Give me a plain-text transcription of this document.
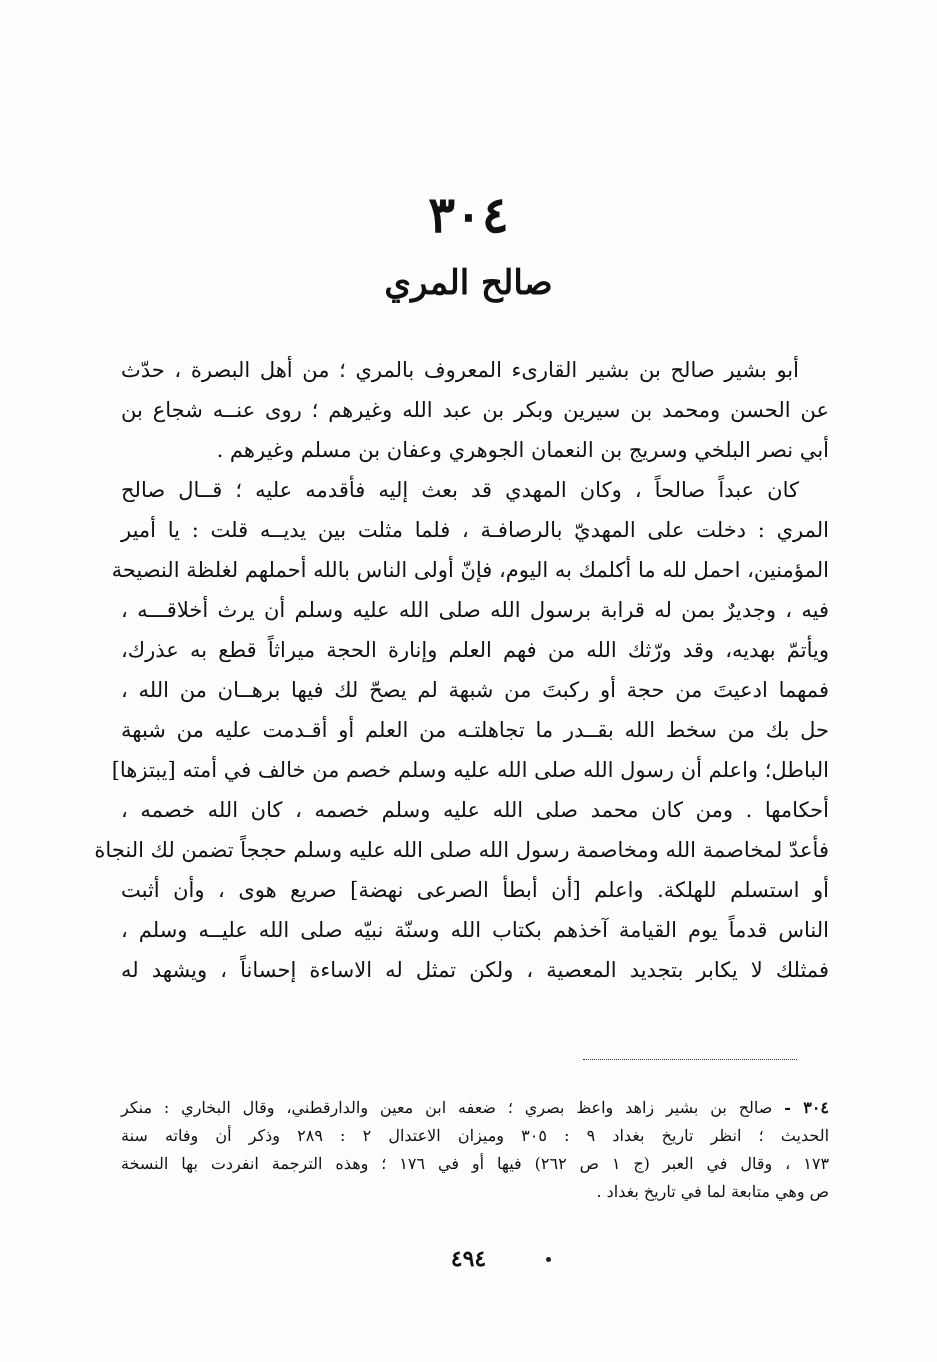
٣٠٤
صالح المري
أبو بشير صالح بن بشير القارىء المعروف بالمري ؛ من أهل البصرة ، حدّث
عن الحسن ومحمد بن سيرين وبكر بن عبد الله وغيرهم ؛ روى عنــه شجاع بن
أبي نصر البلخي وسريج بن النعمان الجوهري وعفان بن مسلم وغيرهم .
كان عبداً صالحاً ، وكان المهدي قد بعث إليه فأقدمه عليه ؛ قــال صالح
المري : دخلت على المهديّ بالرصافـة ، فلما مثلت بين يديــه قلت : يا أمير
المؤمنين، احمل لله ما أكلمك به اليوم، فإنّ أولى الناس بالله أحملهم لغلظة النصيحة
فيه ، وجديرٌ بمن له قرابة برسول الله صلى الله عليه وسلم أن يرث أخلاقـــه ،
ويأتمّ بهديه، وقد ورّثك الله من فهم العلم وإنارة الحجة ميراثاً قطع به عذرك،
فمهما ادعيتَ من حجة أو ركبتَ من شبهة لم يصحّ لك فيها برهــان من الله ،
حل بك من سخط الله بقــدر ما تجاهلتـه من العلم أو أقـدمت عليه من شبهة
الباطل؛ واعلم أن رسول الله صلى الله عليه وسلم خصم من خالف في أمته [يبتزها]
أحكامها . ومن كان محمد صلى الله عليه وسلم خصمه ، كان الله خصمه ،
فأعدّ لمخاصمة الله ومخاصمة رسول الله صلى الله عليه وسلم حججاً تضمن لك النجاة
أو استسلم للهلكة. واعلم [أن أبطأ الصرعى نهضة] صريع هوى ، وأن أثبت
الناس قدماً يوم القيامة آخذهم بكتاب الله وسنّة نبيّه صلى الله عليــه وسلم ،
فمثلك لا يكابر بتجديد المعصية ، ولكن تمثل له الاساءة إحساناً ، ويشهد له
٣٠٤ - صالح بن بشير زاهد واعظ بصري ؛ ضعفه ابن معين والدارقطني، وقال البخاري : منكر
الحديث ؛ انظر تاريخ بغداد ٩ : ٣٠٥ وميزان الاعتدال ٢ : ٢٨٩ وذكر أن وفاته سنة
١٧٣ ، وقال في العبر (ج ١ ص ٢٦٢) فيها أو في ١٧٦ ؛ وهذه الترجمة انفردت بها النسخة
ص وهي متابعة لما في تاريخ بغداد .
٤٩٤
